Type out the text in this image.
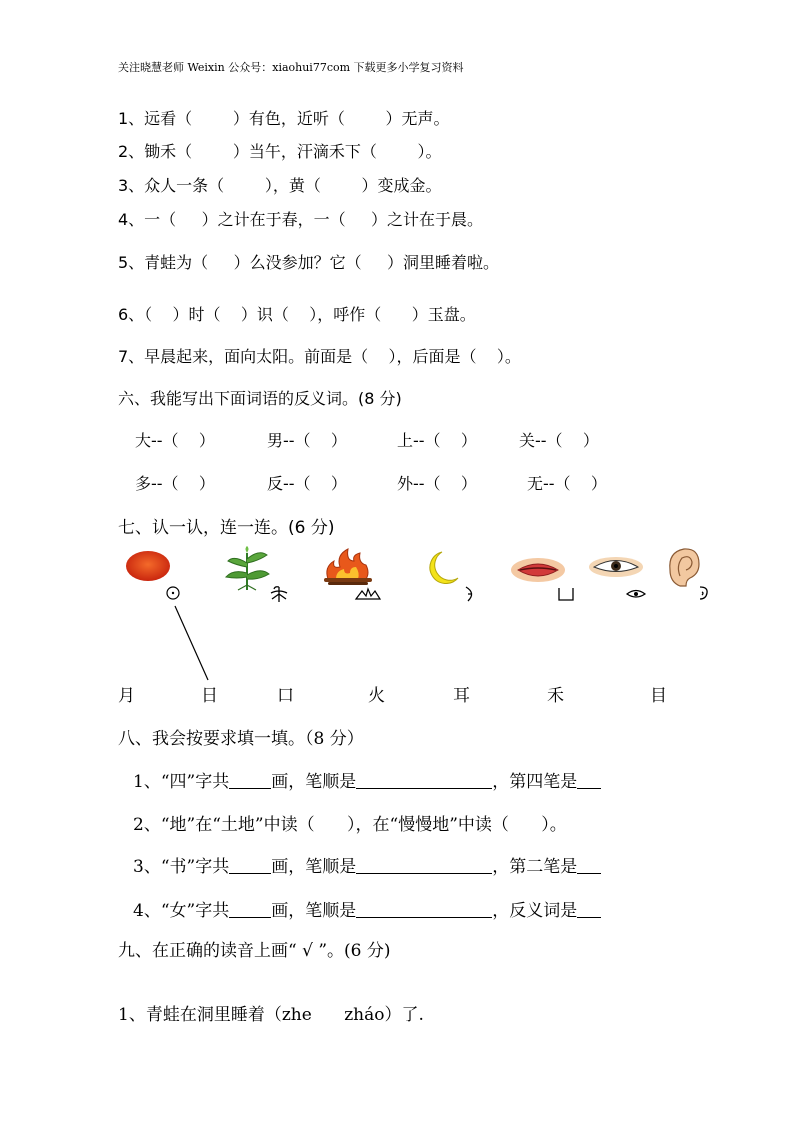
关注晓慧老师 Weixin 公众号：xiaohui77com 下载更多小学复习资料
1、远看（        ）有色，近听（        ）无声。
2、锄禾（        ）当午，汗滴禾下（        ）。
3、众人一条（        ），黄（        ）变成金。
4、一（     ）之计在于春，一（     ）之计在于晨。
5、青蛙为（     ）么没参加？它（     ）洞里睡着啦。
6、（    ）时（    ）识（    ），呼作（      ）玉盘。
7、早晨起来，面向太阳。前面是（    ），后面是（    ）。
六、我能写出下面词语的反义词。(8 分)
大--（    ）	男--（    ）	上--（    ）	关--（    ）
多--（    ）	反--（    ）	外--（    ）	无--（    ）
七、认一认，连一连。(6 分)
月	日	口	火	耳	禾	目
八、我会按要求填一填。（8 分）
1、“四”字共 画，笔顺是	，第四笔是
2、“地”在“土地”中读（      ），在“慢慢地”中读（      ）。
3、“书”字共 画，笔顺是	，第二笔是
4、“女”字共 画，笔顺是	，反义词是
九、在正确的读音上画“ √ ”。(6 分)
1、青蛙在洞里睡着（zhe      zháo）了.
